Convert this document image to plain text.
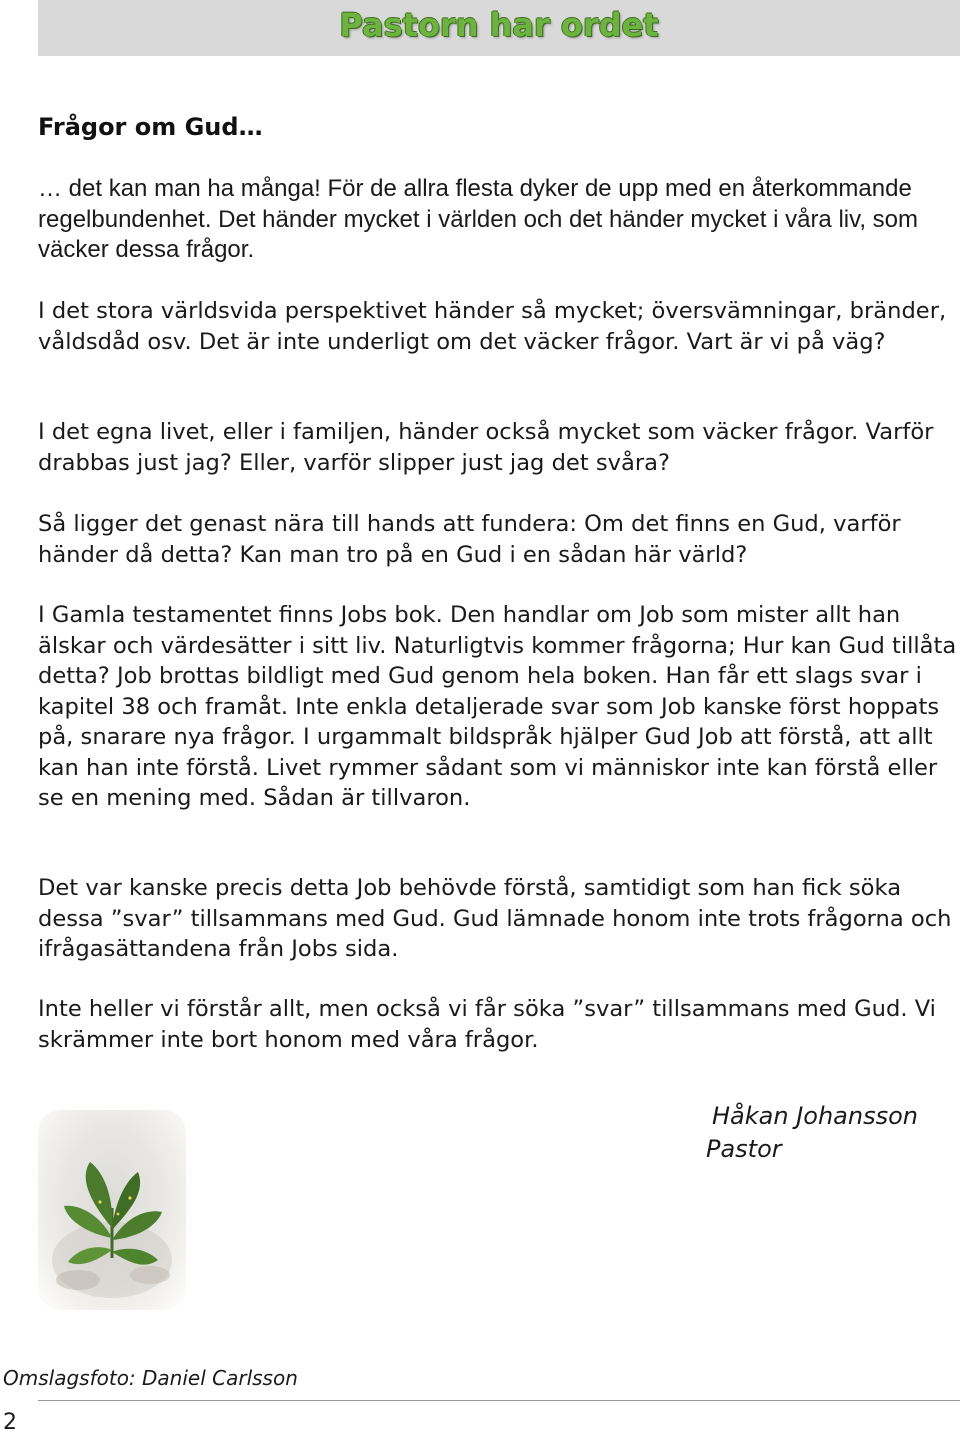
Pastorn har ordet
Frågor om Gud…

… det kan man ha många! För de allra flesta dyker de upp med en återkommande regelbundenhet. Det händer mycket i världen och det händer mycket i våra liv, som väcker dessa frågor.

I det stora världsvida perspektivet händer så mycket; översvämningar, bränder, våldsdåd osv. Det är inte underligt om det väcker frågor. Vart är vi på väg?

I det egna livet, eller i familjen, händer också mycket som väcker frågor. Varför drabbas just jag? Eller, varför slipper just jag det svåra?

Så ligger det genast nära till hands att fundera: Om det finns en Gud, varför händer då detta? Kan man tro på en Gud i en sådan här värld?

I Gamla testamentet finns Jobs bok. Den handlar om Job som mister allt han älskar och värdesätter i sitt liv. Naturligtvis kommer frågorna; Hur kan Gud tillåta detta? Job brottas bildligt med Gud genom hela boken. Han får ett slags svar i kapitel 38 och framåt. Inte enkla detaljerade svar som Job kanske först hoppats på, snarare nya frågor. I urgammalt bildspråk hjälper Gud Job att förstå, att allt kan han inte förstå. Livet rymmer sådant som vi människor inte kan förstå eller se en mening med. Sådan är tillvaron.

Det var kanske precis detta Job behövde förstå, samtidigt som han fick söka dessa ”svar” tillsammans med Gud. Gud lämnade honom inte trots frågorna och ifrågasättandena från Jobs sida.

Inte heller vi förstår allt, men också vi får söka ”svar” tillsammans med Gud. Vi skrämmer inte bort honom med våra frågor.

Håkan Johansson
Pastor
Omslagsfoto: Daniel Carlsson
2
